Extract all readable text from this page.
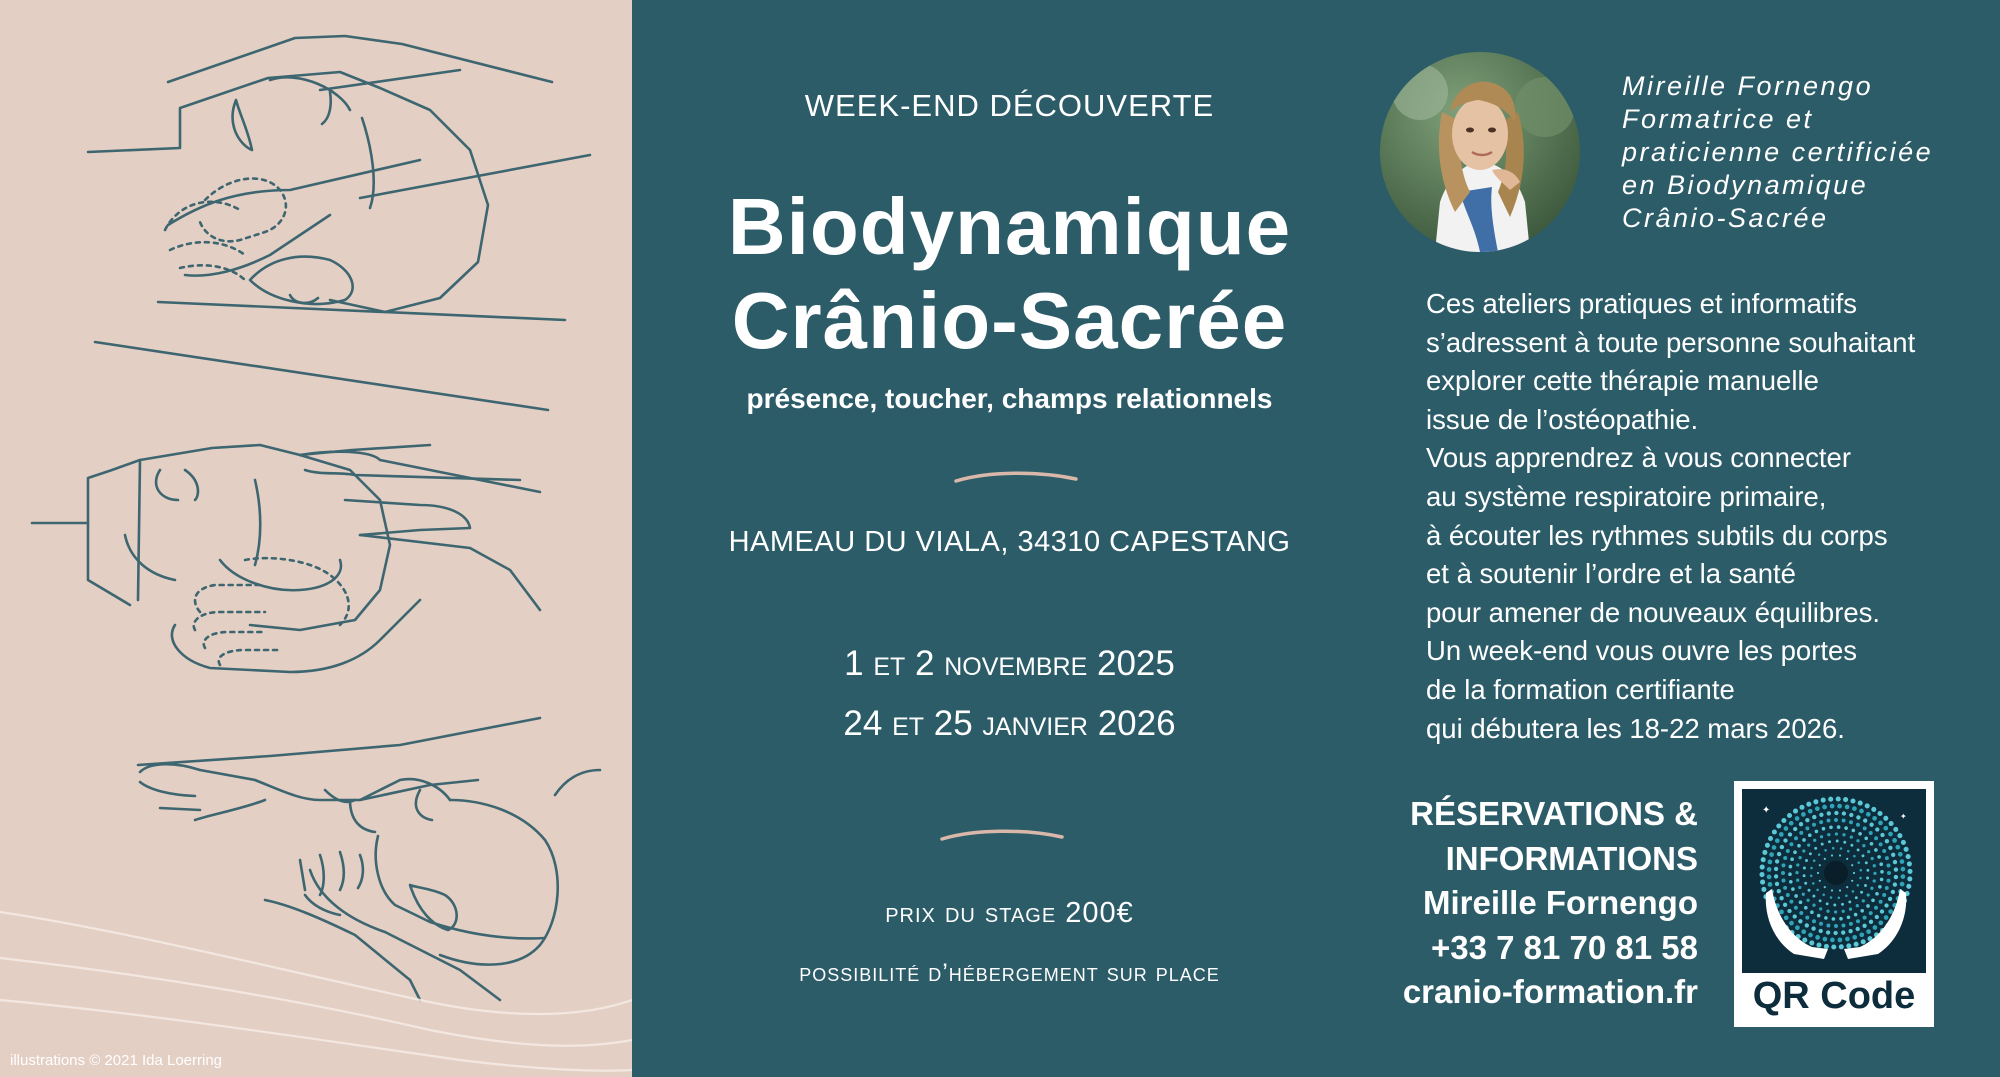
illustrations © 2021 Ida Loerring
WEEK-END DÉCOUVERTE
Biodynamique
Crânio-Sacrée
présence, toucher, champs relationnels
HAMEAU DU VIALA, 34310 CAPESTANG
1 et 2 novembre 2025
24 et 25 janvier 2026
prix du stage 200€
possibilité d’hébergement sur place
Mireille Fornengo
Formatrice et
praticienne certificiée
en Biodynamique
Crânio-Sacrée
Ces ateliers pratiques et informatifs
s’adressent à toute personne souhaitant
explorer cette thérapie manuelle
issue de l’ostéopathie.
Vous apprendrez à vous connecter
au système respiratoire primaire,
à écouter les rythmes subtils du corps
et à soutenir l’ordre et la santé
pour amener de nouveaux équilibres.
Un week-end vous ouvre les portes
de la formation certifiante
qui débutera les 18-22 mars 2026.
RÉSERVATIONS &
INFORMATIONS
Mireille Fornengo
+33 7 81 70 81 58
cranio-formation.fr
✦
✦
QR Code
